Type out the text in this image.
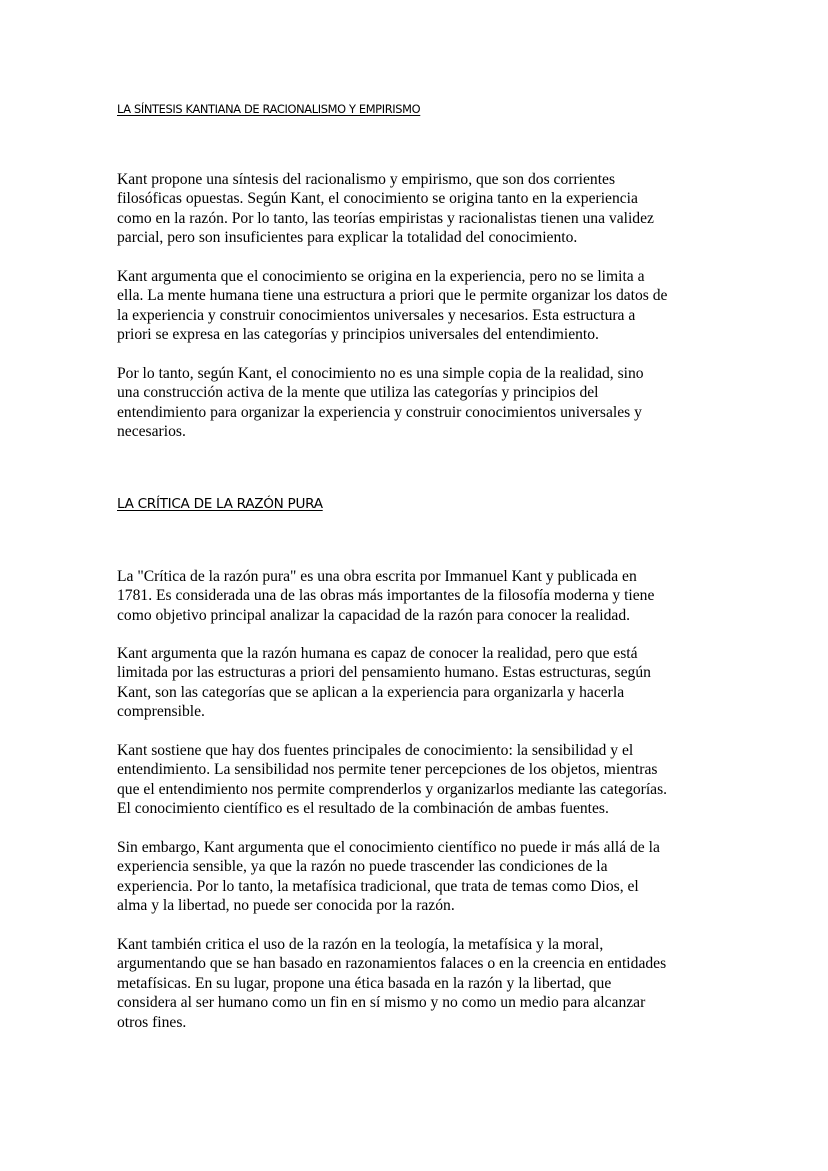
LA SÍNTESIS KANTIANA DE RACIONALISMO Y EMPIRISMO

Kant propone una síntesis del racionalismo y empirismo, que son dos corrientes
filosóficas opuestas. Según Kant, el conocimiento se origina tanto en la experiencia
como en la razón. Por lo tanto, las teorías empiristas y racionalistas tienen una validez
parcial, pero son insuficientes para explicar la totalidad del conocimiento.

Kant argumenta que el conocimiento se origina en la experiencia, pero no se limita a
ella. La mente humana tiene una estructura a priori que le permite organizar los datos de
la experiencia y construir conocimientos universales y necesarios. Esta estructura a
priori se expresa en las categorías y principios universales del entendimiento.

Por lo tanto, según Kant, el conocimiento no es una simple copia de la realidad, sino
una construcción activa de la mente que utiliza las categorías y principios del
entendimiento para organizar la experiencia y construir conocimientos universales y
necesarios.

LA CRÍTICA DE LA RAZÓN PURA

La "Crítica de la razón pura" es una obra escrita por Immanuel Kant y publicada en
1781. Es considerada una de las obras más importantes de la filosofía moderna y tiene
como objetivo principal analizar la capacidad de la razón para conocer la realidad.

Kant argumenta que la razón humana es capaz de conocer la realidad, pero que está
limitada por las estructuras a priori del pensamiento humano. Estas estructuras, según
Kant, son las categorías que se aplican a la experiencia para organizarla y hacerla
comprensible.

Kant sostiene que hay dos fuentes principales de conocimiento: la sensibilidad y el
entendimiento. La sensibilidad nos permite tener percepciones de los objetos, mientras
que el entendimiento nos permite comprenderlos y organizarlos mediante las categorías.
El conocimiento científico es el resultado de la combinación de ambas fuentes.

Sin embargo, Kant argumenta que el conocimiento científico no puede ir más allá de la
experiencia sensible, ya que la razón no puede trascender las condiciones de la
experiencia. Por lo tanto, la metafísica tradicional, que trata de temas como Dios, el
alma y la libertad, no puede ser conocida por la razón.

Kant también critica el uso de la razón en la teología, la metafísica y la moral,
argumentando que se han basado en razonamientos falaces o en la creencia en entidades
metafísicas. En su lugar, propone una ética basada en la razón y la libertad, que
considera al ser humano como un fin en sí mismo y no como un medio para alcanzar
otros fines.
